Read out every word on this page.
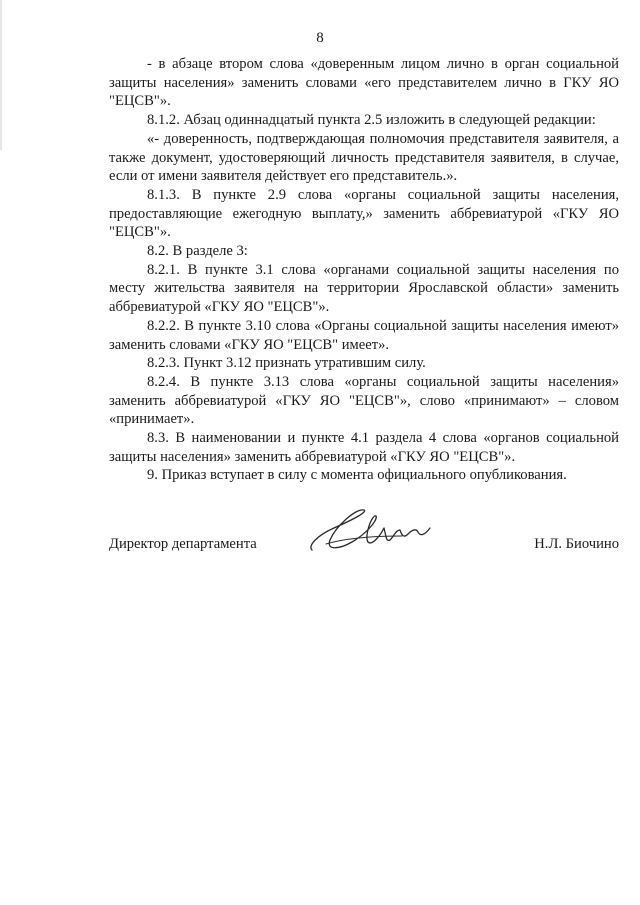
8

- в абзаце втором слова «доверенным лицом лично в орган социальной защиты населения» заменить словами «его представителем лично в ГКУ ЯО "ЕЦСВ"».

8.1.2. Абзац одиннадцатый пункта 2.5 изложить в следующей редакции:

«- доверенность, подтверждающая полномочия представителя заявителя, а также документ, удостоверяющий личность представителя заявителя, в случае, если от имени заявителя действует его представитель.».

8.1.3. В пункте 2.9 слова «органы социальной защиты населения, предоставляющие ежегодную выплату,» заменить аббревиатурой «ГКУ ЯО "ЕЦСВ"».

8.2. В разделе 3:

8.2.1. В пункте 3.1 слова «органами социальной защиты населения по месту жительства заявителя на территории Ярославской области» заменить аббревиатурой «ГКУ ЯО "ЕЦСВ"».

8.2.2. В пункте 3.10 слова «Органы социальной защиты населения имеют» заменить словами «ГКУ ЯО "ЕЦСВ" имеет».

8.2.3. Пункт 3.12 признать утратившим силу.

8.2.4. В пункте 3.13 слова «органы социальной защиты населения» заменить аббревиатурой «ГКУ ЯО "ЕЦСВ"», слово «принимают» – словом «принимает».

8.3. В наименовании и пункте 4.1 раздела 4 слова «органов социальной защиты населения» заменить аббревиатурой «ГКУ ЯО "ЕЦСВ"».

9. Приказ вступает в силу с момента официального опубликования.

Директор департамента	Н.Л. Биочино
